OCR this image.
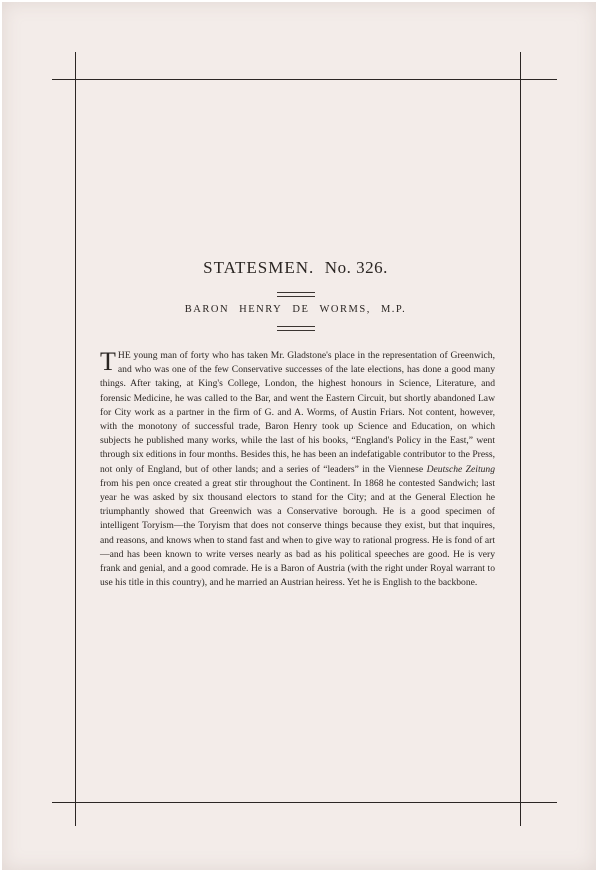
STATESMEN. No. 326.

BARON HENRY DE WORMS, M.P.

THE young man of forty who has taken Mr. Gladstone's place in the representation of Greenwich, and who was one of the few Conservative successes of the late elections, has done a good many things. After taking, at King's College, London, the highest honours in Science, Literature, and forensic Medicine, he was called to the Bar, and went the Eastern Circuit, but shortly abandoned Law for City work as a partner in the firm of G. and A. Worms, of Austin Friars. Not content, however, with the monotony of successful trade, Baron Henry took up Science and Education, on which subjects he published many works, while the last of his books, “England's Policy in the East,” went through six editions in four months. Besides this, he has been an indefatigable contributor to the Press, not only of England, but of other lands; and a series of “leaders” in the Viennese Deutsche Zeitung from his pen once created a great stir throughout the Continent. In 1868 he contested Sandwich; last year he was asked by six thousand electors to stand for the City; and at the General Election he triumphantly showed that Greenwich was a Conservative borough. He is a good specimen of intelligent Toryism—the Toryism that does not conserve things because they exist, but that inquires, and reasons, and knows when to stand fast and when to give way to rational progress. He is fond of art—and has been known to write verses nearly as bad as his political speeches are good. He is very frank and genial, and a good comrade. He is a Baron of Austria (with the right under Royal warrant to use his title in this country), and he married an Austrian heiress. Yet he is English to the backbone.
